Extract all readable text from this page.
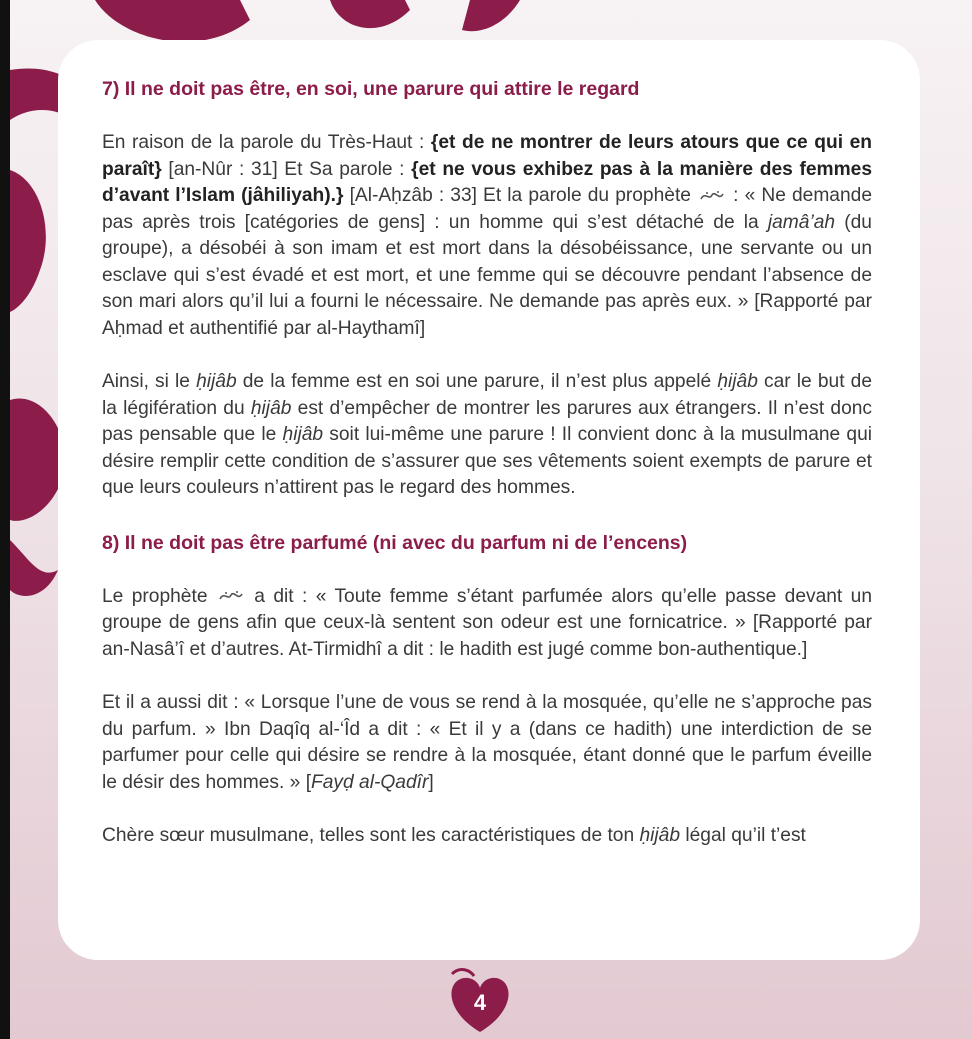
7) Il ne doit pas être, en soi, une parure qui attire le regard

En raison de la parole du Très-Haut : {et de ne montrer de leurs atours que ce qui en paraît} [an-Nûr : 31] Et Sa parole : {et ne vous exhibez pas à la manière des femmes d’avant l’Islam (jâhiliyah).} [Al-Aḥzâb : 33] Et la parole du prophète  : « Ne demande pas après trois [catégories de gens] : un homme qui s’est détaché de la jamâ’ah (du groupe), a désobéi à son imam et est mort dans la désobéissance, une servante ou un esclave qui s’est évadé et est mort, et une femme qui se découvre pendant l’absence de son mari alors qu’il lui a fourni le nécessaire. Ne demande pas après eux. » [Rapporté par Aḥmad et authentifié par al-Haythamî]

Ainsi, si le ḥijâb de la femme est en soi une parure, il n’est plus appelé ḥijâb car le but de la légifération du ḥijâb est d’empêcher de montrer les parures aux étrangers. Il n’est donc pas pensable que le ḥijâb soit lui-même une parure ! Il convient donc à la musulmane qui désire remplir cette condition de s’assurer que ses vêtements soient exempts de parure et que leurs couleurs n’attirent pas le regard des hommes.

8) Il ne doit pas être parfumé (ni avec du parfum ni de l’encens)

Le prophète  a dit : « Toute femme s’étant parfumée alors qu’elle passe devant un groupe de gens afin que ceux-là sentent son odeur est une fornicatrice. » [Rapporté par an-Nasâ’î et d’autres. At-Tirmidhî a dit : le hadith est jugé comme bon-authentique.]

Et il a aussi dit : « Lorsque l’une de vous se rend à la mosquée, qu’elle ne s’approche pas du parfum. » Ibn Daqîq al-‘Îd a dit : « Et il y a (dans ce hadith) une interdiction de se parfumer pour celle qui désire se rendre à la mosquée, étant donné que le parfum éveille le désir des hommes. » [Fayḍ al-Qadîr]

Chère sœur musulmane, telles sont les caractéristiques de ton ḥijâb légal qu’il t’est

4
